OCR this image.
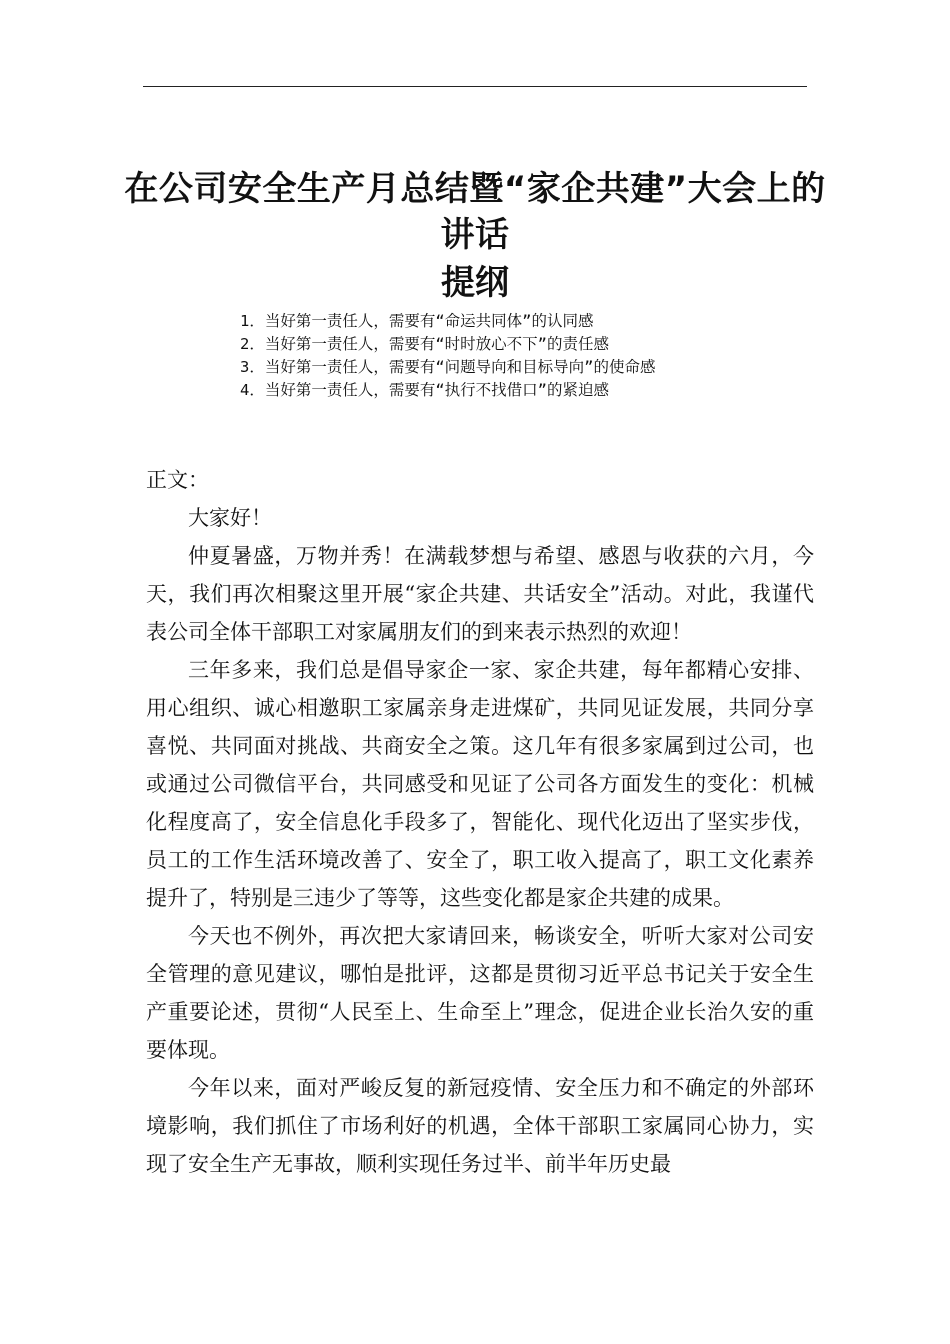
在公司安全生产月总结暨“家企共建”大会上的讲话
提纲
1．当好第一责任人，需要有“命运共同体”的认同感
2．当好第一责任人，需要有“时时放心不下”的责任感
3．当好第一责任人，需要有“问题导向和目标导向”的使命感
4．当好第一责任人，需要有“执行不找借口”的紧迫感

正文：

大家好！

仲夏暑盛，万物并秀！在满载梦想与希望、感恩与收获的六月，今天，我们再次相聚这里开展“家企共建、共话安全”活动。对此，我谨代表公司全体干部职工对家属朋友们的到来表示热烈的欢迎！

三年多来，我们总是倡导家企一家、家企共建，每年都精心安排、用心组织、诚心相邀职工家属亲身走进煤矿，共同见证发展，共同分享喜悦、共同面对挑战、共商安全之策。这几年有很多家属到过公司，也或通过公司微信平台，共同感受和见证了公司各方面发生的变化：机械化程度高了，安全信息化手段多了，智能化、现代化迈出了坚实步伐，员工的工作生活环境改善了、安全了，职工收入提高了，职工文化素养提升了，特别是三违少了等等，这些变化都是家企共建的成果。

今天也不例外，再次把大家请回来，畅谈安全，听听大家对公司安全管理的意见建议，哪怕是批评，这都是贯彻习近平总书记关于安全生产重要论述，贯彻“人民至上、生命至上”理念，促进企业长治久安的重要体现。

今年以来，面对严峻反复的新冠疫情、安全压力和不确定的外部环境影响，我们抓住了市场利好的机遇，全体干部职工家属同心协力，实现了安全生产无事故，顺利实现任务过半、前半年历史最
